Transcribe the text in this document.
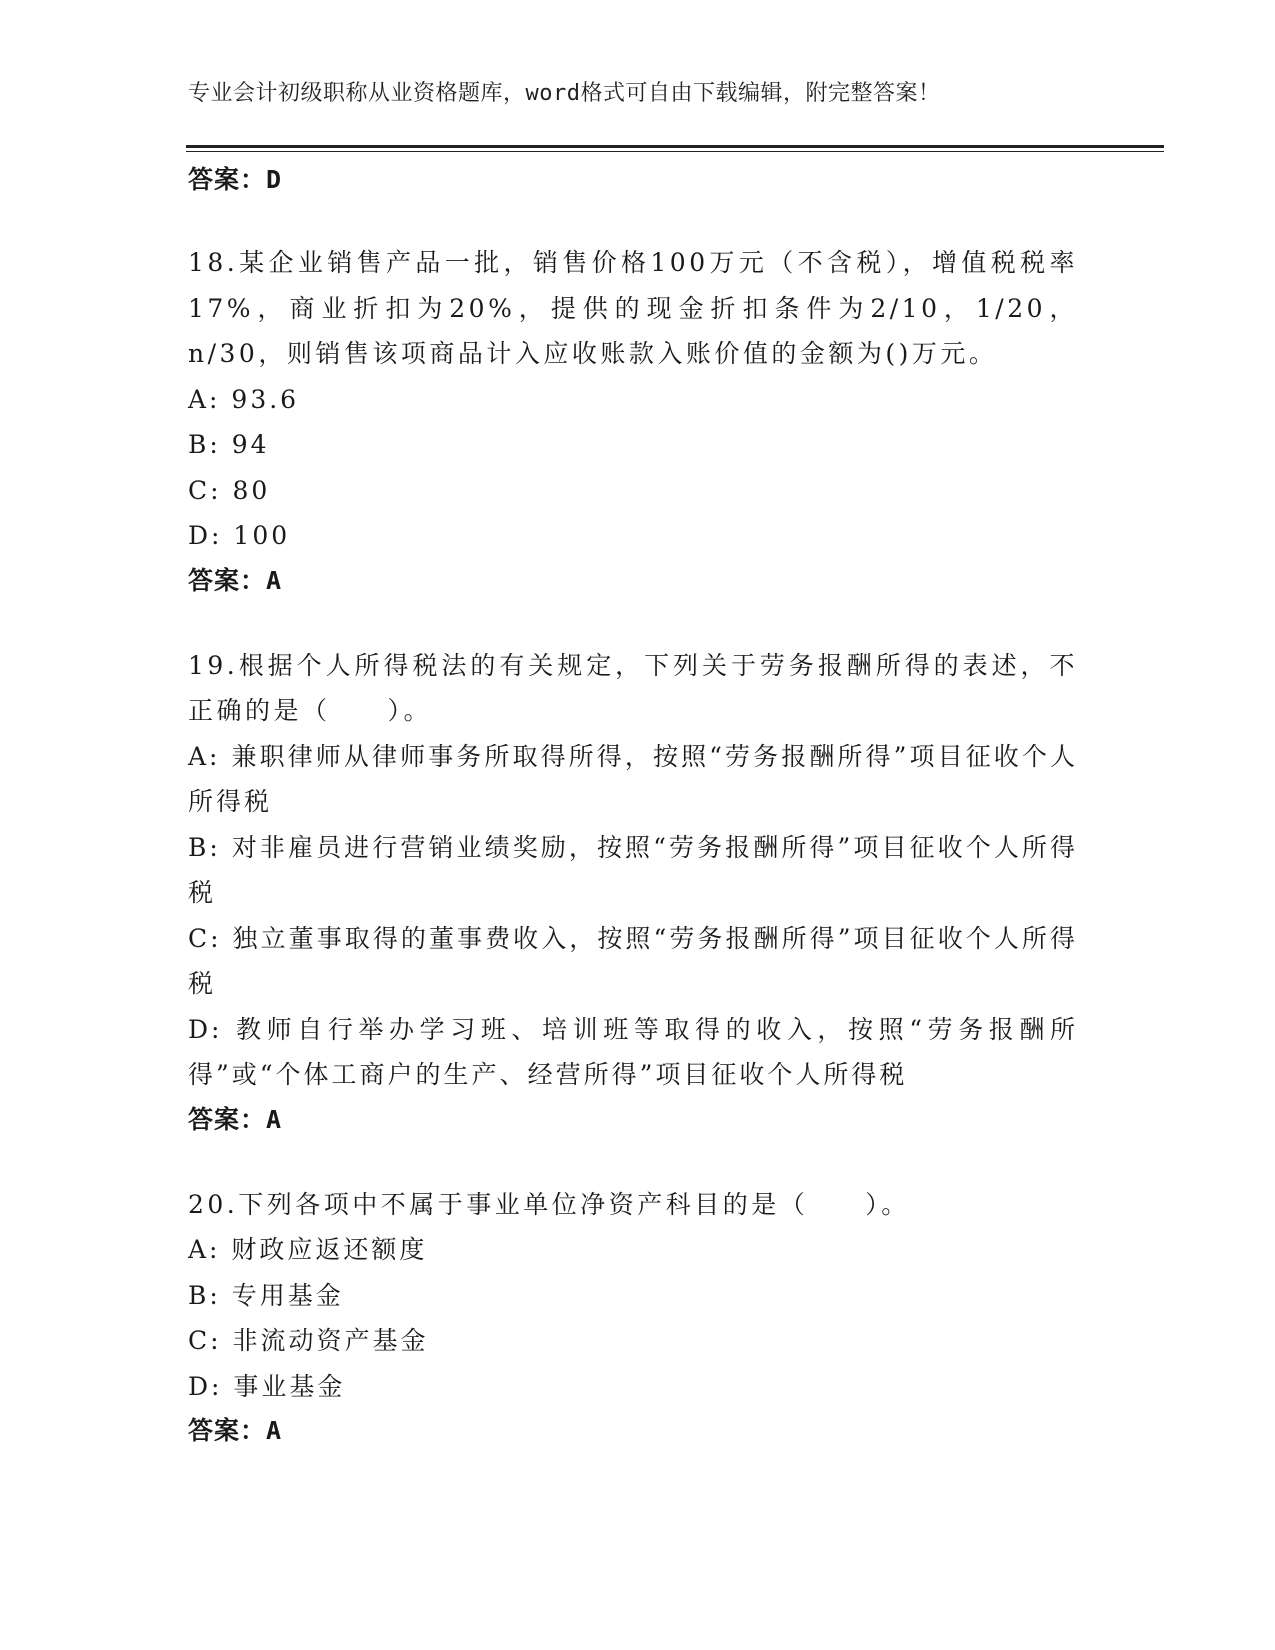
专业会计初级职称从业资格题库，word格式可自由下载编辑，附完整答案！
答案：D
18.某企业销售产品一批，销售价格100万元（不含税），增值税税率17%，商业折扣为20%，提供的现金折扣条件为2/10，1/20，n/30，则销售该项商品计入应收账款入账价值的金额为()万元。
A: 93.6
B: 94
C: 80
D: 100
答案：A
19.根据个人所得税法的有关规定，下列关于劳务报酬所得的表述，不正确的是（　　）。
A: 兼职律师从律师事务所取得所得，按照“劳务报酬所得”项目征收个人所得税
B: 对非雇员进行营销业绩奖励，按照“劳务报酬所得”项目征收个人所得税
C: 独立董事取得的董事费收入，按照“劳务报酬所得”项目征收个人所得税
D: 教师自行举办学习班、培训班等取得的收入，按照“劳务报酬所得”或“个体工商户的生产、经营所得”项目征收个人所得税
答案：A
20.下列各项中不属于事业单位净资产科目的是（　　）。
A: 财政应返还额度
B: 专用基金
C: 非流动资产基金
D: 事业基金
答案：A
